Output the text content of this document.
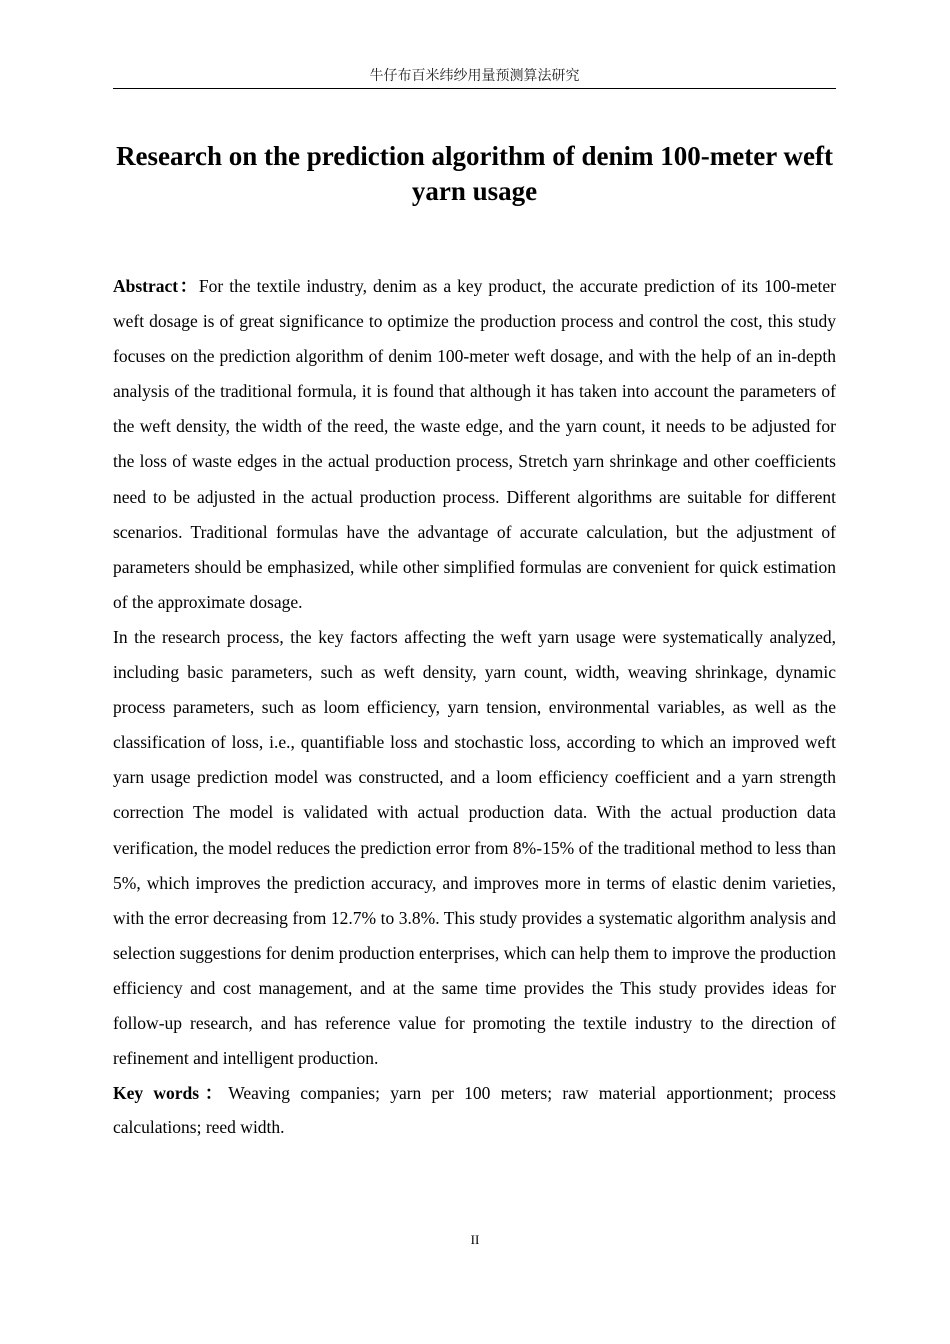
牛仔布百米纬纱用量预测算法研究
Research on the prediction algorithm of denim 100-meter weft yarn usage

Abstract：For the textile industry, denim as a key product, the accurate prediction of its 100-meter weft dosage is of great significance to optimize the production process and control the cost, this study focuses on the prediction algorithm of denim 100-meter weft dosage, and with the help of an in-depth analysis of the traditional formula, it is found that although it has taken into account the parameters of the weft density, the width of the reed, the waste edge, and the yarn count, it needs to be adjusted for the loss of waste edges in the actual production process, Stretch yarn shrinkage and other coefficients need to be adjusted in the actual production process. Different algorithms are suitable for different scenarios. Traditional formulas have the advantage of accurate calculation, but the adjustment of parameters should be emphasized, while other simplified formulas are convenient for quick estimation of the approximate dosage.

In the research process, the key factors affecting the weft yarn usage were systematically analyzed, including basic parameters, such as weft density, yarn count, width, weaving shrinkage, dynamic process parameters, such as loom efficiency, yarn tension, environmental variables, as well as the classification of loss, i.e., quantifiable loss and stochastic loss, according to which an improved weft yarn usage prediction model was constructed, and a loom efficiency coefficient and a yarn strength correction The model is validated with actual production data. With the actual production data verification, the model reduces the prediction error from 8%-15% of the traditional method to less than 5%, which improves the prediction accuracy, and improves more in terms of elastic denim varieties, with the error decreasing from 12.7% to 3.8%. This study provides a systematic algorithm analysis and selection suggestions for denim production enterprises, which can help them to improve the production efficiency and cost management, and at the same time provides the This study provides ideas for follow-up research, and has reference value for promoting the textile industry to the direction of refinement and intelligent production.

Key words：Weaving companies; yarn per 100 meters; raw material apportionment; process calculations; reed width.

II
